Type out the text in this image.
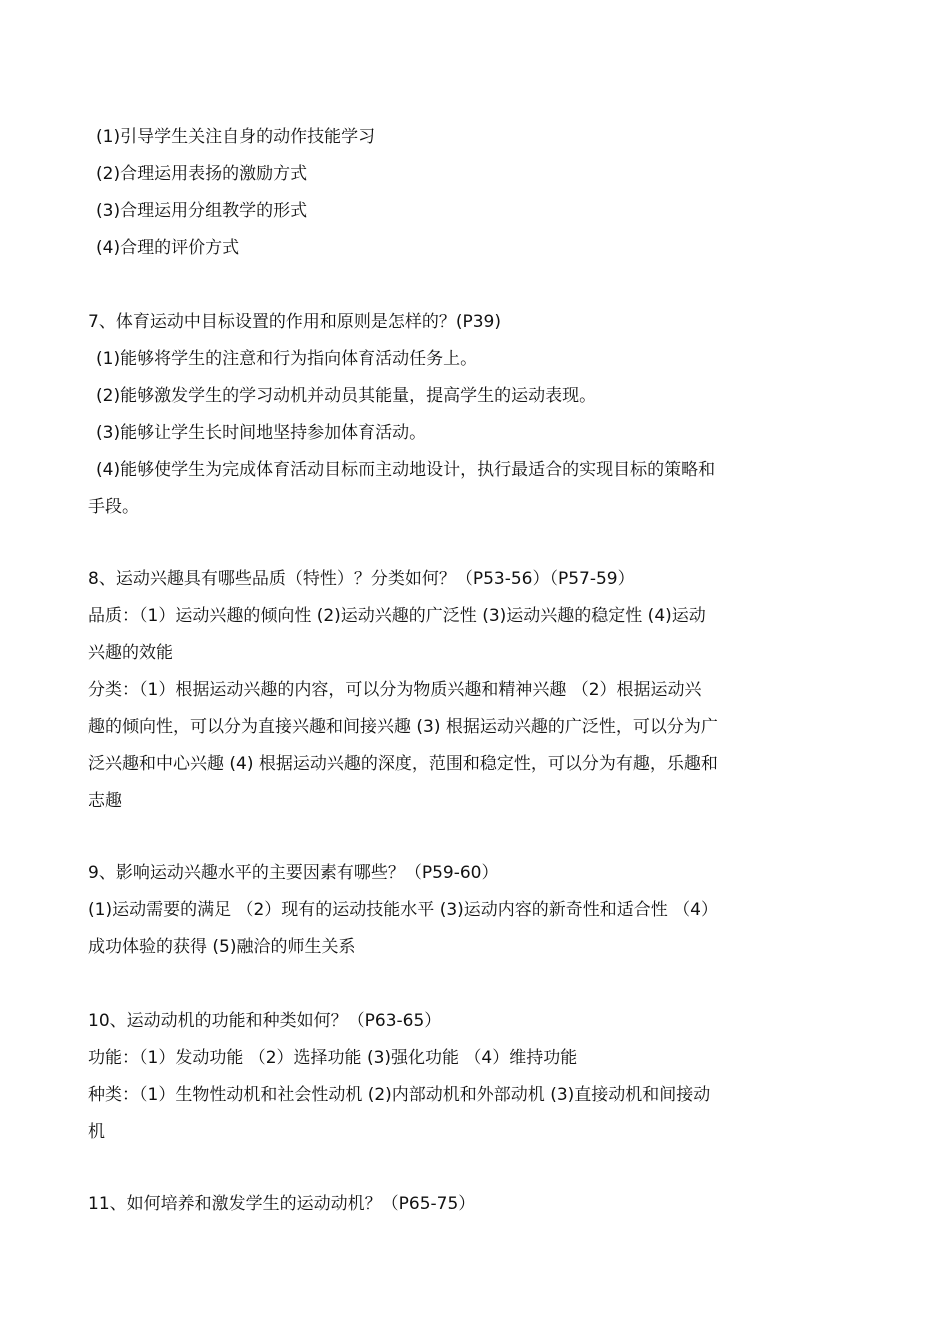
(1)引导学生关注自身的动作技能学习
(2)合理运用表扬的激励方式
(3)合理运用分组教学的形式
(4)合理的评价方式
7、体育运动中目标设置的作用和原则是怎样的？(P39)
(1)能够将学生的注意和行为指向体育活动任务上。
(2)能够激发学生的学习动机并动员其能量，提高学生的运动表现。
(3)能够让学生长时间地坚持参加体育活动。
(4)能够使学生为完成体育活动目标而主动地设计，执行最适合的实现目标的策略和
手段。
8、运动兴趣具有哪些品质（特性）？分类如何？（P53-56）（P57-59）
品质：（1）运动兴趣的倾向性 (2)运动兴趣的广泛性 (3)运动兴趣的稳定性 (4)运动
兴趣的效能
分类：（1）根据运动兴趣的内容，可以分为物质兴趣和精神兴趣 （2）根据运动兴
趣的倾向性，可以分为直接兴趣和间接兴趣 (3) 根据运动兴趣的广泛性，可以分为广
泛兴趣和中心兴趣 (4) 根据运动兴趣的深度，范围和稳定性，可以分为有趣，乐趣和
志趣
9、影响运动兴趣水平的主要因素有哪些？（P59-60）
(1)运动需要的满足 （2）现有的运动技能水平 (3)运动内容的新奇性和适合性 （4）
成功体验的获得 (5)融洽的师生关系
10、运动动机的功能和种类如何？（P63-65）
功能：（1）发动功能 （2）选择功能 (3)强化功能 （4）维持功能
种类：（1）生物性动机和社会性动机 (2)内部动机和外部动机 (3)直接动机和间接动
机
11、如何培养和激发学生的运动动机？（P65-75）
